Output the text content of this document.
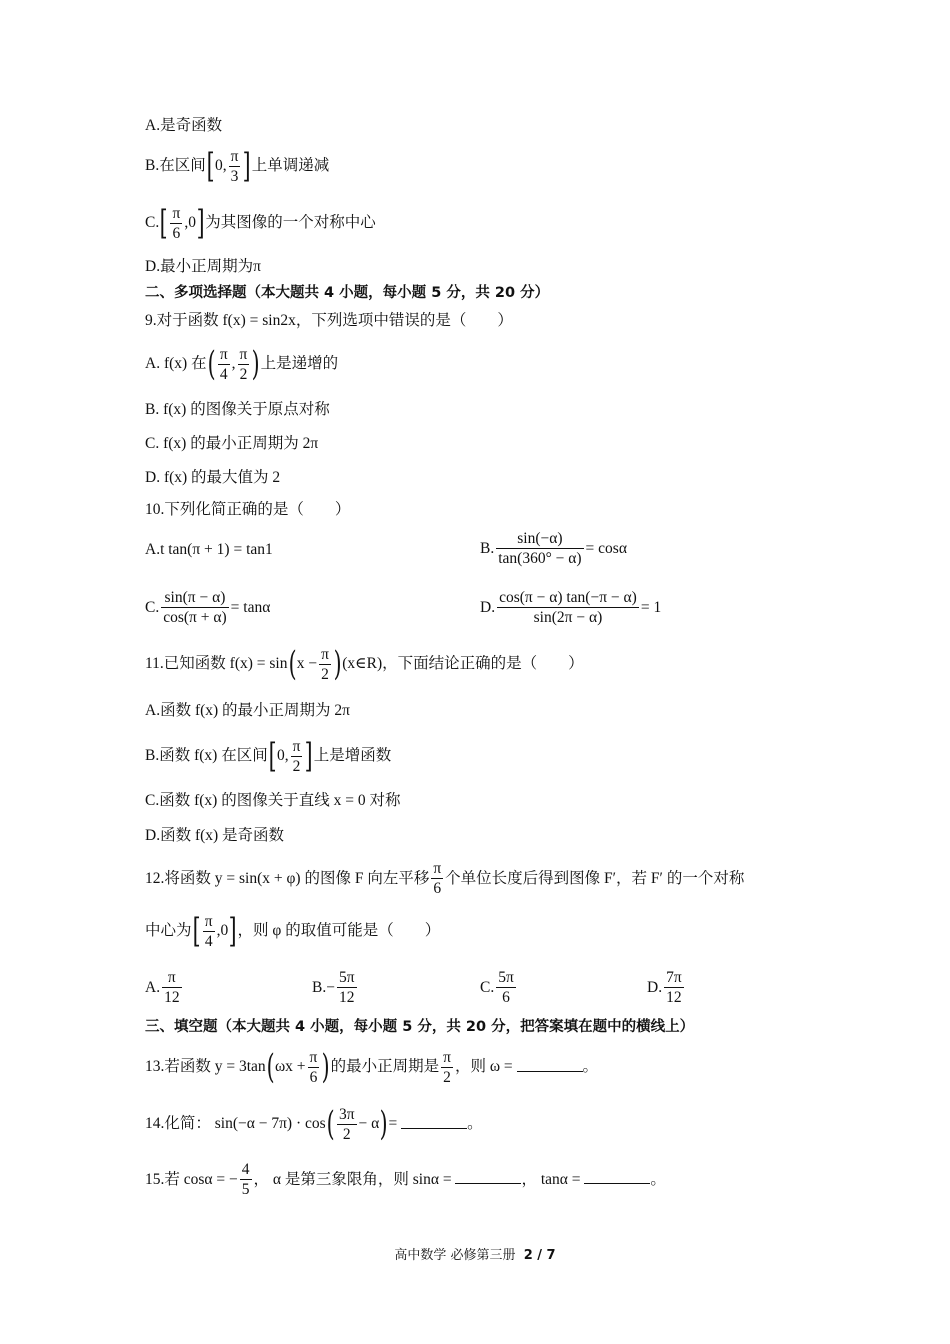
A.是奇函数
B.在区间[0, $\frac{\pi}{3}$ ]上单调递减
$C.[ \frac{\pi}{6} ,0]$为其图像的一个对称中心
D.最小正周期为π
二、多项选择题（本大题共 4 小题，每小题 5 分，共 20 分）
9.对于函数 f(x) = sin2x，下列选项中错误的是（　　）
A. f(x) 在( $\frac{\pi}{4}$ , $\frac{\pi}{2}$ )上是递增的
B. f(x) 的图像关于原点对称
C. f(x) 的最小正周期为 2π
D. f(x) 的最大值为 2
10.下列化简正确的是（　　）
A.t tan(π + 1) = tan1	B. $\frac{\sin(-\alpha)}{\tan(360^\circ - \alpha)} = \cos\alpha$
C. $\frac{\sin(\pi - \alpha)}{\cos(\pi + \alpha)} = \tan\alpha$	D. $\frac{\cos(\pi - \alpha) \tan(-\pi - \alpha)}{\sin(2\pi - \alpha)} = 1$
11.已知函数 $f(x) = \sin(x - \frac{\pi}{2}$ )(x∈R)，下面结论正确的是（　　）
A.函数 f(x) 的最小正周期为 2π
B.函数 f(x) 在区间[0, $\frac{\pi}{2}$ ]上是增函数
C.函数 f(x) 的图像关于直线 x = 0 对称
D.函数 f(x) 是奇函数
12.将函数 y = sin(x + φ) 的图像 F 向左平移 $\frac{\pi}{6}$ 个单位长度后得到图像 F′，若 F′ 的一个对称
中心为[ $\frac{\pi}{4} ,0$]，则 φ 的取值可能是（　　）
A. $\frac{\pi}{12}$	$B.- \frac{5\pi}{12}$	C. $\frac{5\pi}{6}$	D. $\frac{7\pi}{12}$
三、填空题（本大题共 4 小题，每小题 5 分，共 20 分，把答案填在题中的横线上）
13.若函数 $y = 3\tan(\omega x + \frac{\pi}{6}$ )的最小正周期是 $\frac{\pi}{2}$ ，则 ω =	。
14.化简： $\sin(-\alpha - 7\pi) \cdot \cos( \frac{3\pi}{2} - \alpha)=$	。
15.若 cosα = − $\frac{4}{5}$ ， α 是第三象限角，则 sinα =	， tanα =	。
高中数学 必修第三册 2 / 7
